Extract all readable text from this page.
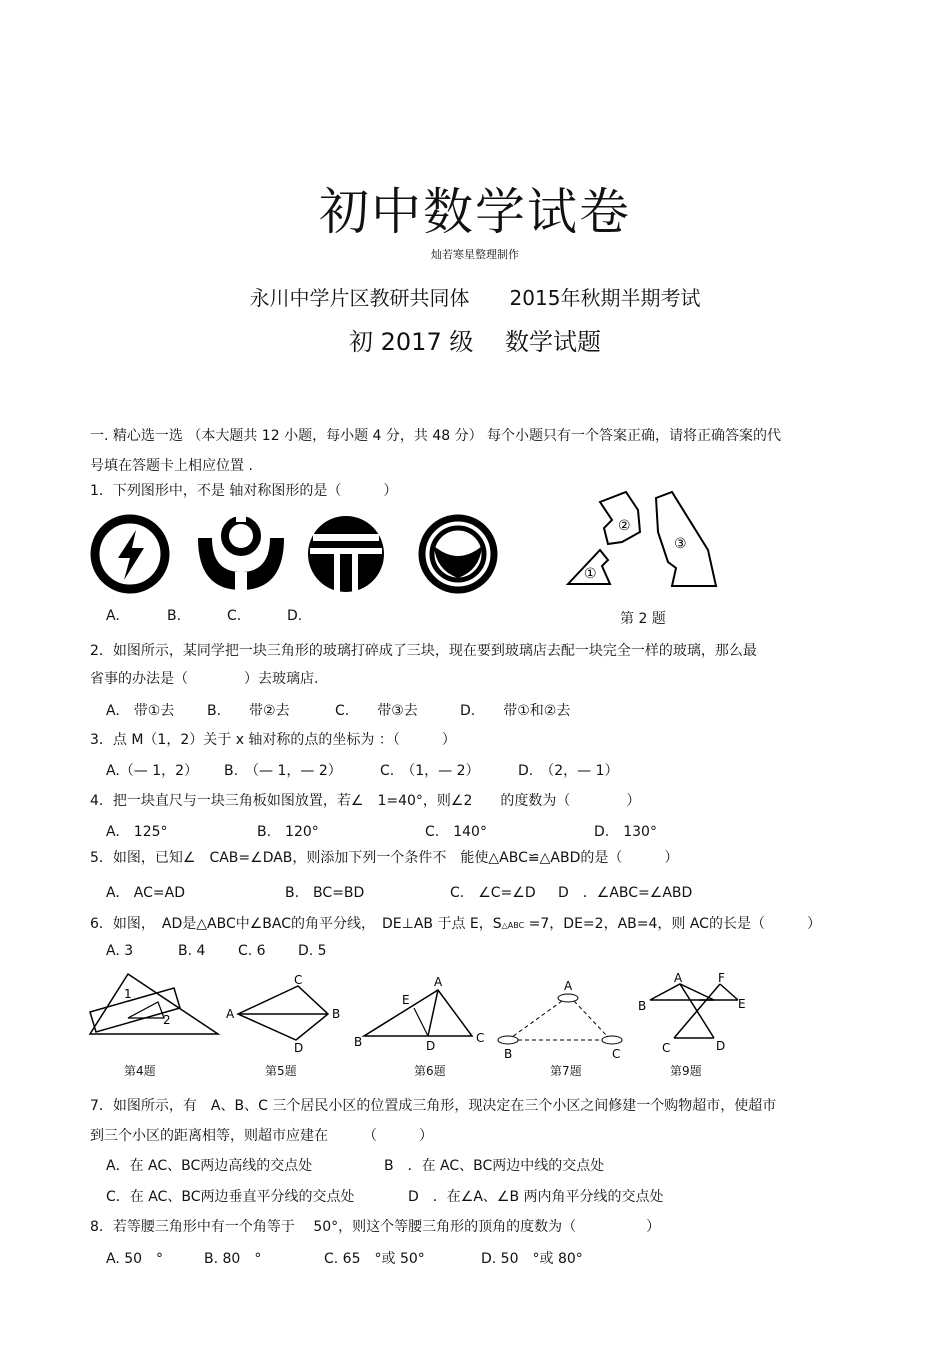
初中数学试卷
灿若寒星整理制作
永川中学片区教研共同体　　2015年秋期半期考试
初 2017 级　 数学试题
一. 精心选一选 （本大题共 12 小题，每小题 4 分，共 48 分） 每个小题只有一个答案正确，请将正确答案的代
号填在答题卡上相应位置 .
1．下列图形中，不是 轴对称图形的是（　　　）
A.	B.	C.	D.
①
②
③
第 2 题
2．如图所示，某同学把一块三角形的玻璃打碎成了三块，现在要到玻璃店去配一块完全一样的玻璃，那么最
省事的办法是（　　　　）去玻璃店.
A.　带①去 B.　　带②去	C.　　带③去	D.　　带①和②去
3．点 M（1，2）关于 x 轴对称的点的坐标为 ：（　　　）
A.（— 1，2） B.　（— 1，— 2）	C.　（1，— 2）	D.　（2，— 1）
4．把一块直尺与一块三角板如图放置，若∠　1=40°，则∠2　　的度数为（　　　　）
A.　125°	B.　120°	C.　140°	D.　130°
5．如图，已知∠　CAB=∠DAB，则添加下列一个条件不　能使△ABC≌△ABD的是（　　　）
A.　AC=AD	B.　BC=BD	C.　∠C=∠D D　．∠ABC=∠ABD
6．如图，　AD是△ABC中∠BAC的角平分线，　DE⊥AB 于点 E，S△ABC =7，DE=2，AB=4，则 AC的长是（　　　）
A. 3	B. 4 C. 6 D. 5
1
2
C
A	B
D
A
E
B	D
C
A
B	C
A	F
B	E
C	D
第4题	第5题	第6题	第7题	第9题
7．如图所示，有　A、B、C 三个居民小区的位置成三角形，现决定在三个小区之间修建一个购物超市，使超市
到三个小区的距离相等，则超市应建在　　　（　　　）
A．在 AC、BC两边高线的交点处	B　．在 AC、BC两边中线的交点处
C．在 AC、BC两边垂直平分线的交点处	D　．在∠A、∠B 两内角平分线的交点处
8．若等腰三角形中有一个角等于　 50°，则这个等腰三角形的顶角的度数为（　　　　　）
A. 50　°	B. 80　°	C. 65　°或 50°	D. 50　°或 80°
